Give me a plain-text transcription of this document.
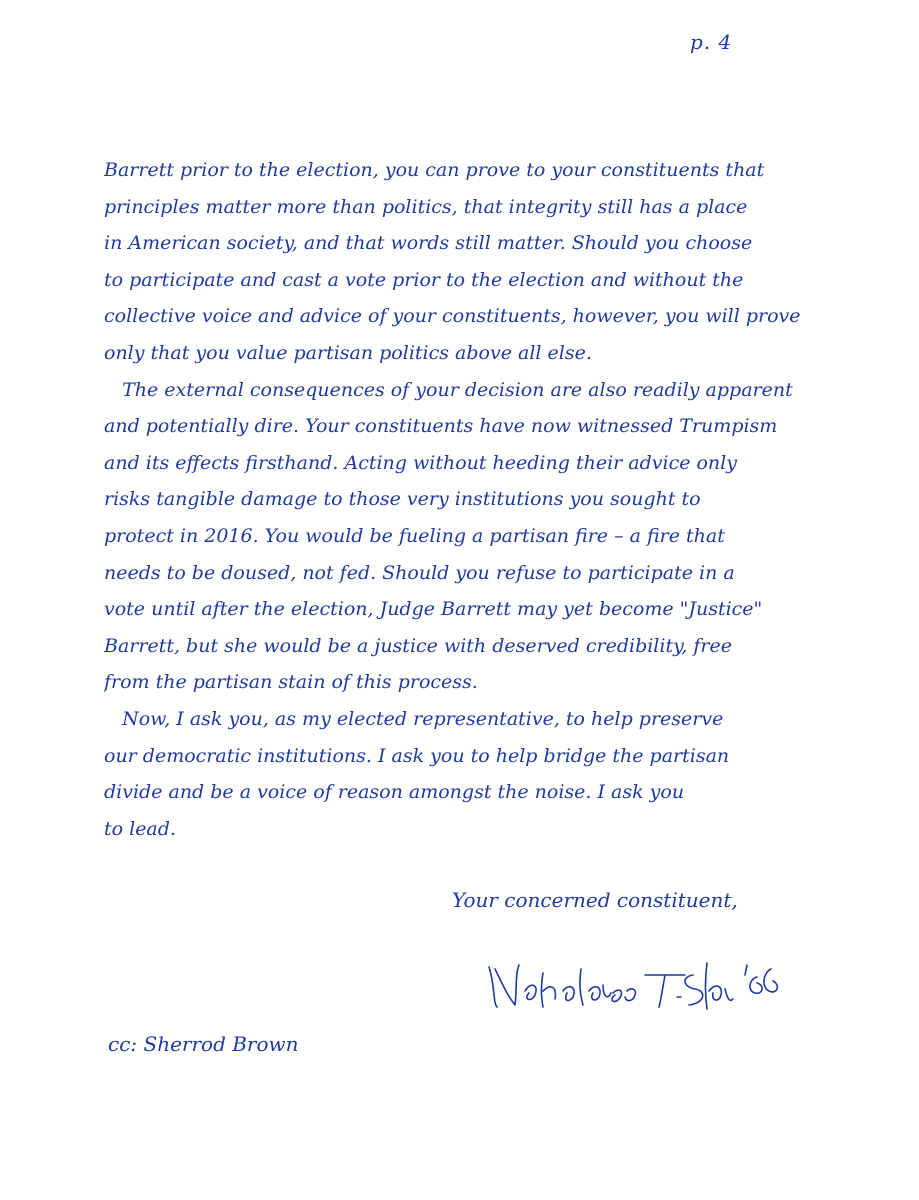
p. 4
Barrett prior to the election, you can prove to your constituents that
principles matter more than politics, that integrity still has a place
in American society, and that words still matter. Should you choose
to participate and cast a vote prior to the election and without the
collective voice and advice of your constituents, however, you will prove
only that you value partisan politics above all else.
The external consequences of your decision are also readily apparent
and potentially dire. Your constituents have now witnessed Trumpism
and its effects firsthand. Acting without heeding their advice only
risks tangible damage to those very institutions you sought to
protect in 2016. You would be fueling a partisan fire – a fire that
needs to be doused, not fed. Should you refuse to participate in a
vote until after the election, Judge Barrett may yet become "Justice"
Barrett, but she would be a justice with deserved credibility, free
from the partisan stain of this process.
Now, I ask you, as my elected representative, to help preserve
our democratic institutions. I ask you to help bridge the partisan
divide and be a voice of reason amongst the noise. I ask you
to lead.
Your concerned constituent,
cc: Sherrod Brown
